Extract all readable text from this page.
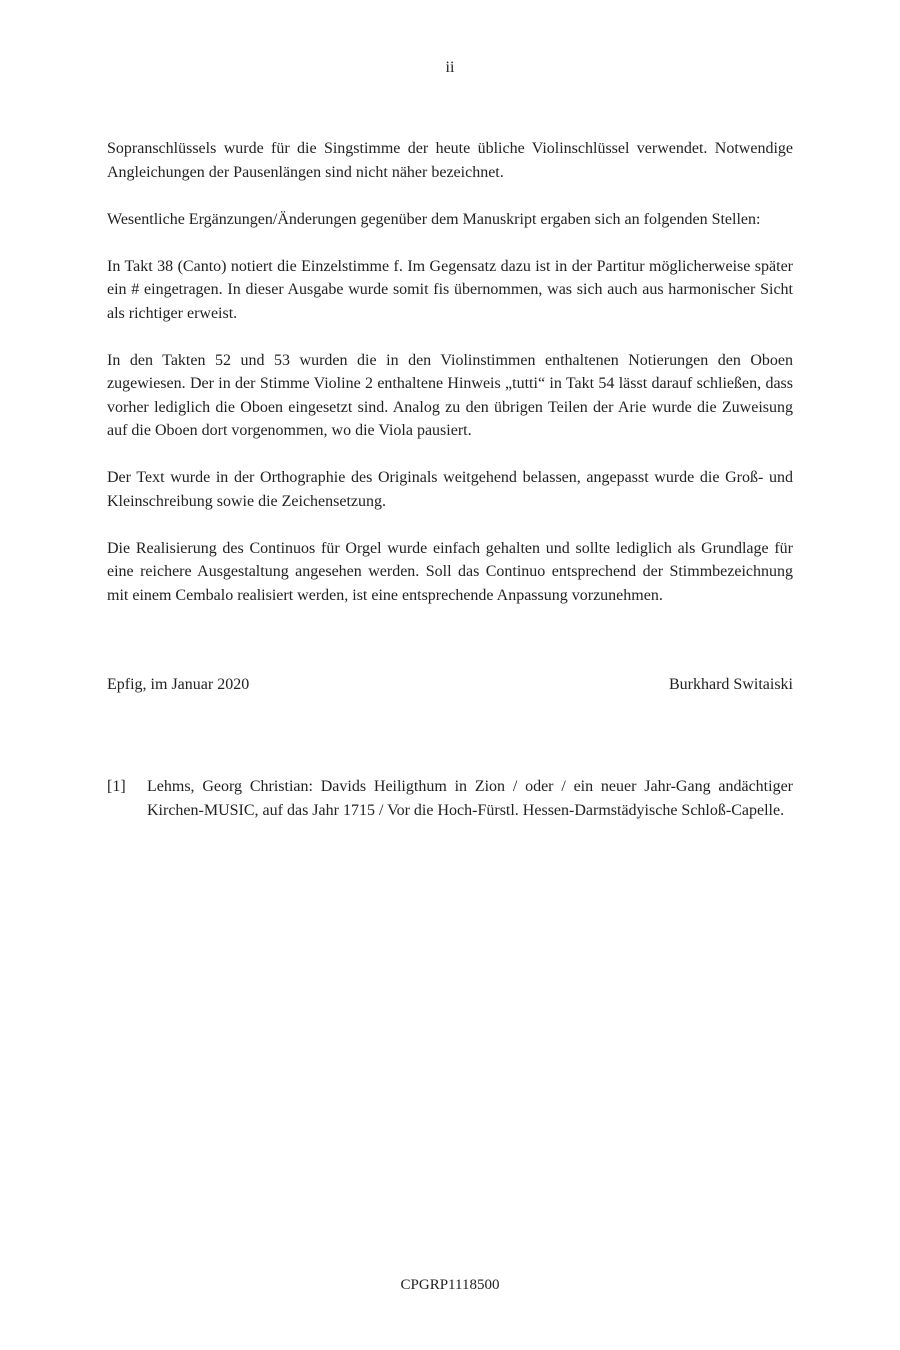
ii

Sopranschlüssels wurde für die Singstimme der heute übliche Violinschlüssel verwendet. Notwendige Angleichungen der Pausenlängen sind nicht näher bezeichnet.

Wesentliche Ergänzungen/Änderungen gegenüber dem Manuskript ergaben sich an folgenden Stellen:

In Takt 38 (Canto) notiert die Einzelstimme f. Im Gegensatz dazu ist in der Partitur möglicherweise später ein # eingetragen. In dieser Ausgabe wurde somit fis übernommen, was sich auch aus harmonischer Sicht als richtiger erweist.

In den Takten 52 und 53 wurden die in den Violinstimmen enthaltenen Notierungen den Oboen zugewiesen. Der in der Stimme Violine 2 enthaltene Hinweis „tutti“ in Takt 54 lässt darauf schließen, dass vorher lediglich die Oboen eingesetzt sind. Analog zu den übrigen Teilen der Arie wurde die Zuweisung auf die Oboen dort vorgenommen, wo die Viola pausiert.

Der Text wurde in der Orthographie des Originals weitgehend belassen, angepasst wurde die Groß- und Kleinschreibung sowie die Zeichensetzung.

Die Realisierung des Continuos für Orgel wurde einfach gehalten und sollte lediglich als Grundlage für eine reichere Ausgestaltung angesehen werden. Soll das Continuo entsprechend der Stimmbezeichnung mit einem Cembalo realisiert werden, ist eine entsprechende Anpassung vorzunehmen.

Epfig, im Januar 2020	Burkhard Switaiski
[1]	Lehms, Georg Christian: Davids Heiligthum in Zion / oder / ein neuer Jahr-Gang andächtiger Kirchen-MUSIC, auf das Jahr 1715 / Vor die Hoch-Fürstl. Hessen-Darmstädyische Schloß-Capelle.
CPGRP1118500
